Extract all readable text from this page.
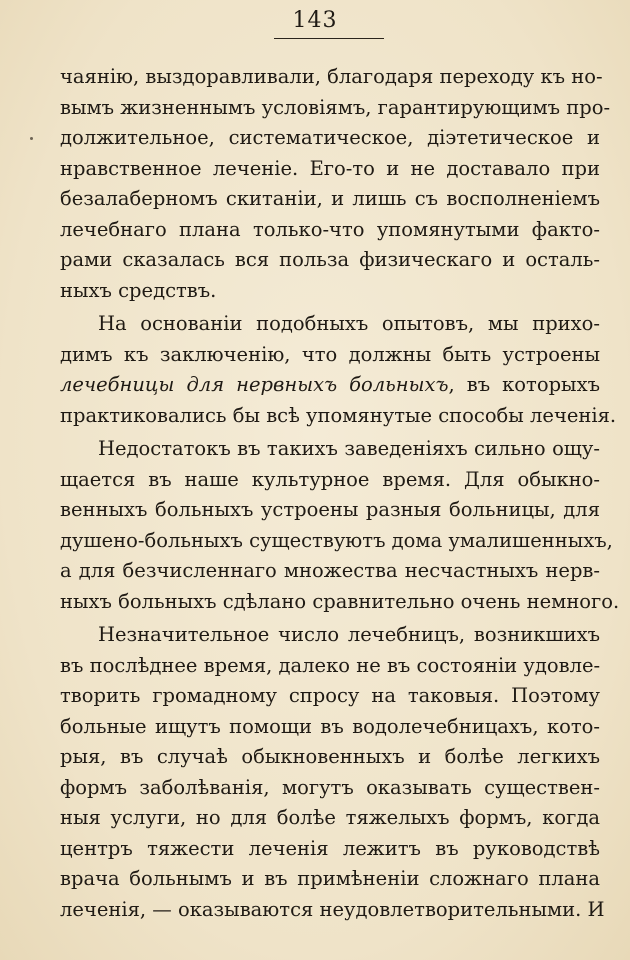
143
чаянiю, выздоравливали, благодаря переходу къ но-
вымъ жизненнымъ условiямъ, гарантирующимъ про-
должительное, систематическое, дiэтетическое и
нравственное леченiе. Его-то и не доставало при
безалаберномъ скитанiи, и лишь съ восполненiемъ
лечебнаго плана только-что упомянутыми факто-
рами сказалась вся польза физическаго и осталь-
ныхъ средствъ.
На основанiи подобныхъ опытовъ, мы прихо-
димъ къ заключенiю, что должны быть устроены
лечебницы для нервныхъ больныхъ, въ которыхъ
практиковались бы всѣ упомянутые способы леченiя.
Недостатокъ въ такихъ заведенiяхъ сильно ощу-
щается въ наше культурное время. Для обыкно-
венныхъ больныхъ устроены разныя больницы, для
душено-больныхъ существуютъ дома умалишенныхъ,
а для безчисленнаго множества несчастныхъ нерв-
ныхъ больныхъ сдѣлано сравнительно очень немного.
Незначительное число лечебницъ, возникшихъ
въ послѣднее время, далеко не въ состоянiи удовле-
творить громадному спросу на таковыя. Поэтому
больные ищутъ помощи въ водолечебницахъ, кото-
рыя, въ случаѣ обыкновенныхъ и болѣе легкихъ
формъ заболѣванiя, могутъ оказывать существен-
ныя услуги, но для болѣе тяжелыхъ формъ, когда
центръ тяжести леченiя лежитъ въ руководствѣ
врача больнымъ и въ примѣненiи сложнаго плана
леченiя, — оказываются неудовлетворительными. И
